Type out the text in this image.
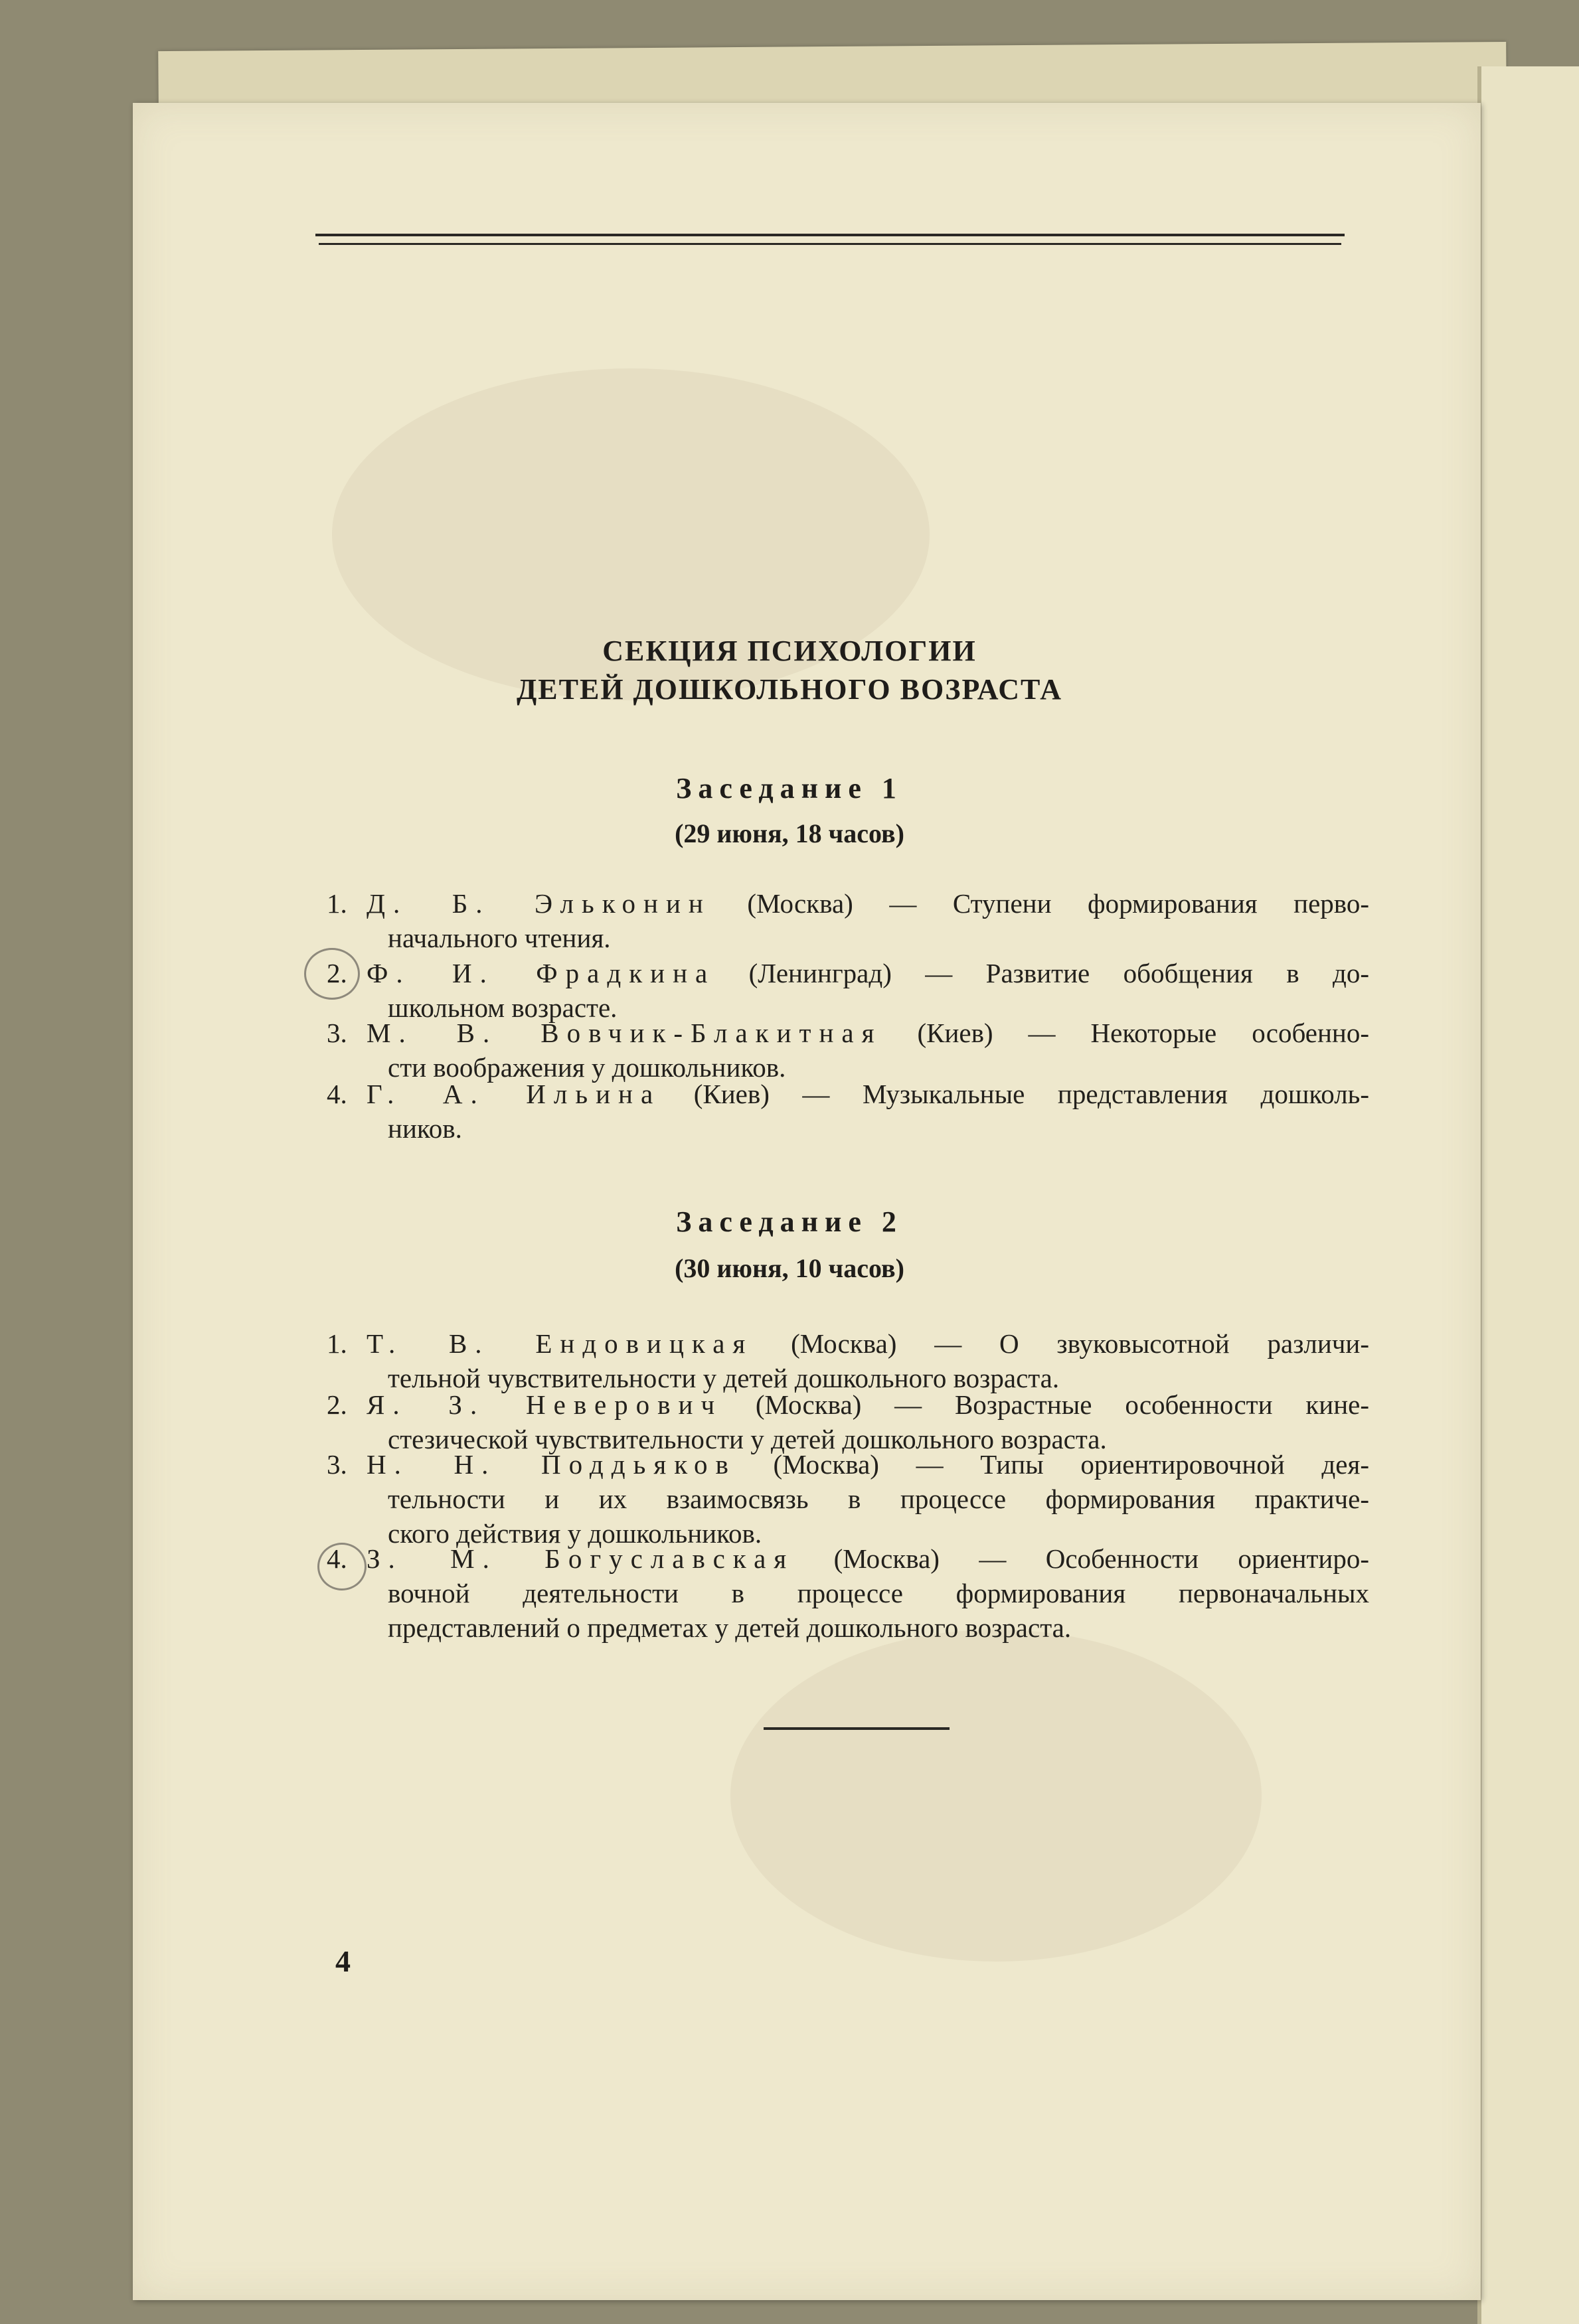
СЕКЦИЯ ПСИХОЛОГИИ
ДЕТЕЙ ДОШКОЛЬНОГО ВОЗРАСТА
Заседание 1
(29 июня, 18 часов)
1. Д. Б. Эльконин (Москва) — Ступени формирования перво-
начального чтения.
2. Ф. И. Фрадкина (Ленинград) — Развитие обобщения в до-
школьном возрасте.
3. М. В. Вовчик-Блакитная (Киев) — Некоторые особенно-
сти воображения у дошкольников.
4. Г. А. Ильина (Киев) — Музыкальные представления дошколь-
ников.
Заседание 2
(30 июня, 10 часов)
1. Т. В. Ендовицкая (Москва) — О звуковысотной различи-
тельной чувствительности у детей дошкольного возраста.
2. Я. З. Неверович (Москва) — Возрастные особенности кине-
стезической чувствительности у детей дошкольного возраста.
3. Н. Н. Поддьяков (Москва) — Типы ориентировочной дея-
тельности и их взаимосвязь в процессе формирования практиче-
ского действия у дошкольников.
4. З. М. Богуславская (Москва) — Особенности ориентиро-
вочной деятельности в процессе формирования первоначальных
представлений о предметах у детей дошкольного возраста.
4
